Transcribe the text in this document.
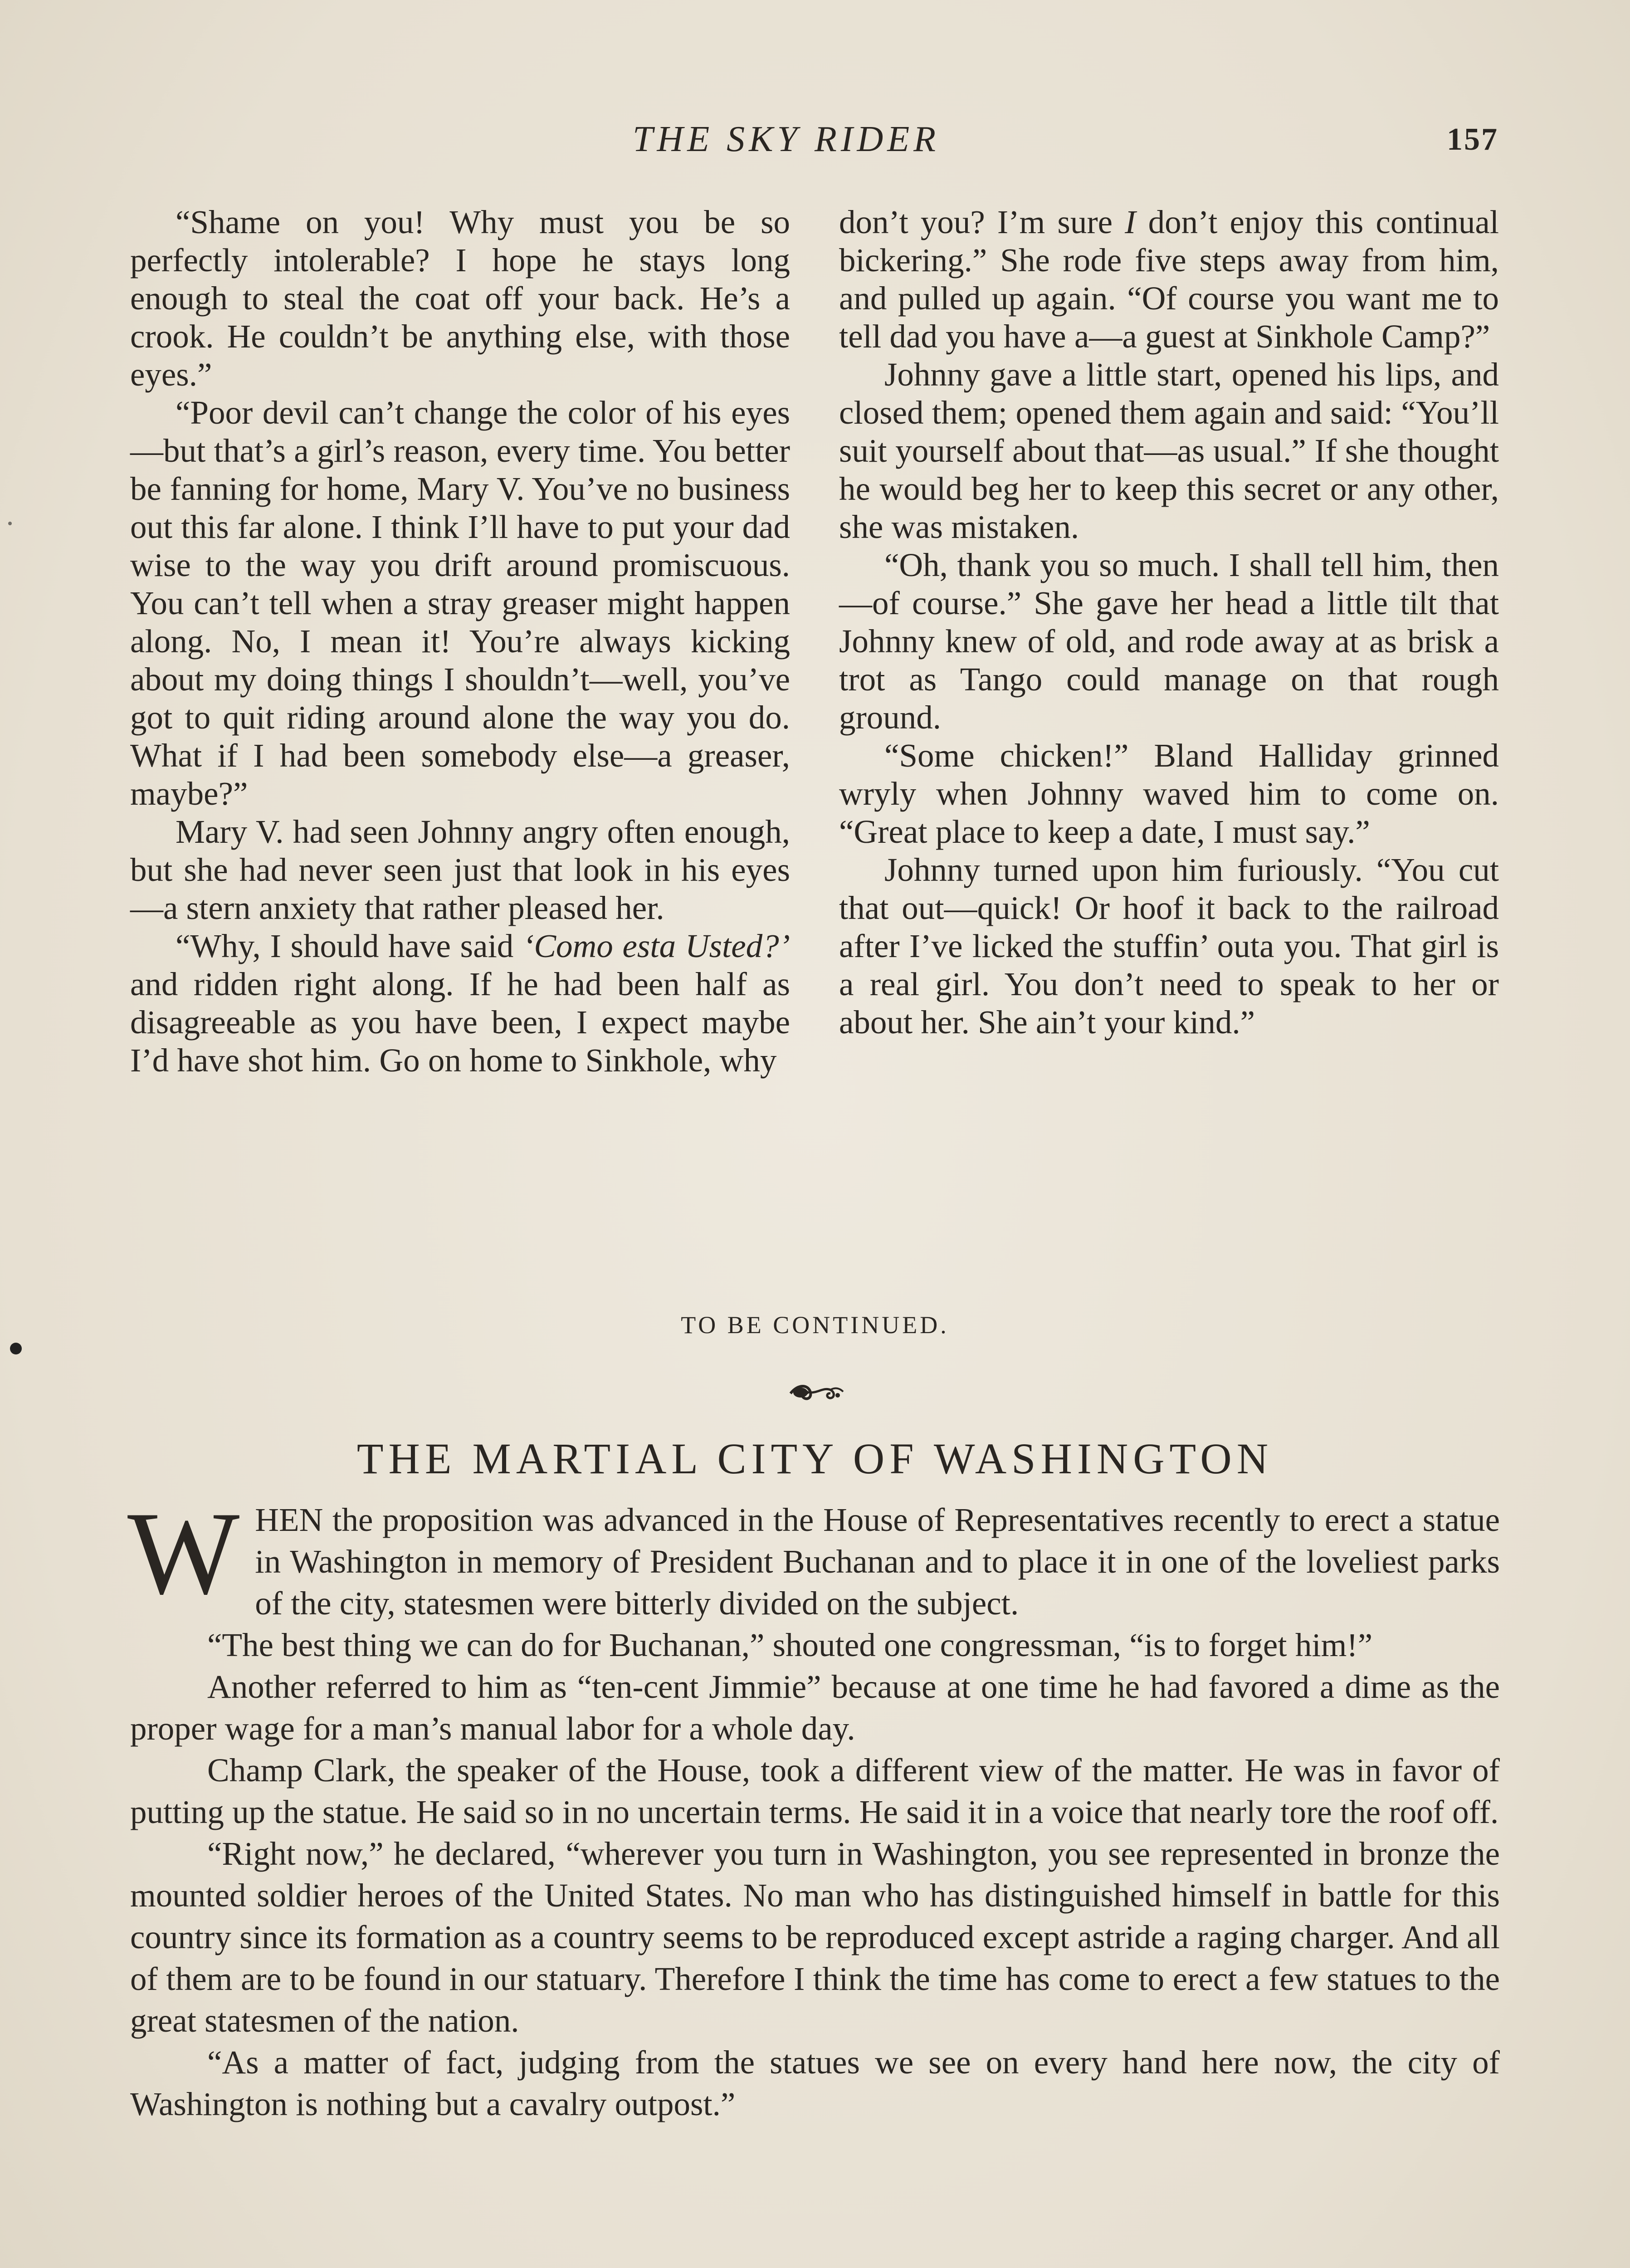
THE SKY RIDER	157

“Shame on you! Why must you be so perfectly intolerable? I hope he stays long enough to steal the coat off your back. He’s a crook. He couldn’t be anything else, with those eyes.”

“Poor devil can’t change the color of his eyes—but that’s a girl’s reason, every time. You better be fanning for home, Mary V. You’ve no business out this far alone. I think I’ll have to put your dad wise to the way you drift around promiscuous. You can’t tell when a stray greaser might happen along. No, I mean it! You’re always kicking about my doing things I shouldn’t—well, you’ve got to quit riding around alone the way you do. What if I had been somebody else—a greaser, maybe?”

Mary V. had seen Johnny angry often enough, but she had never seen just that look in his eyes—a stern anxiety that rather pleased her.

“Why, I should have said ‘Como esta Usted?’ and ridden right along. If he had been half as disagreeable as you have been, I expect maybe I’d have shot him. Go on home to Sinkhole, why

don’t you? I’m sure I don’t enjoy this continual bickering.” She rode five steps away from him, and pulled up again. “Of course you want me to tell dad you have a—a guest at Sinkhole Camp?”

Johnny gave a little start, opened his lips, and closed them; opened them again and said: “You’ll suit yourself about that—as usual.” If she thought he would beg her to keep this secret or any other, she was mistaken.

“Oh, thank you so much. I shall tell him, then—of course.” She gave her head a little tilt that Johnny knew of old, and rode away at as brisk a trot as Tango could manage on that rough ground.

“Some chicken!” Bland Halliday grinned wryly when Johnny waved him to come on. “Great place to keep a date, I must say.”

Johnny turned upon him furiously. “You cut that out—quick! Or hoof it back to the railroad after I’ve licked the stuffin’ outa you. That girl is a real girl. You don’t need to speak to her or about her. She ain’t your kind.”

TO BE CONTINUED.
THE MARTIAL CITY OF WASHINGTON

WHEN the proposition was advanced in the House of Representatives recently to erect a statue in Washington in memory of President Buchanan and to place it in one of the loveliest parks of the city, statesmen were bitterly divided on the subject.

“The best thing we can do for Buchanan,” shouted one congressman, “is to forget him!”

Another referred to him as “ten-cent Jimmie” because at one time he had favored a dime as the proper wage for a man’s manual labor for a whole day.

Champ Clark, the speaker of the House, took a different view of the matter. He was in favor of putting up the statue. He said so in no uncertain terms. He said it in a voice that nearly tore the roof off.

“Right now,” he declared, “wherever you turn in Washington, you see represented in bronze the mounted soldier heroes of the United States. No man who has distinguished himself in battle for this country since its formation as a country seems to be reproduced except astride a raging charger. And all of them are to be found in our statuary. Therefore I think the time has come to erect a few statues to the great statesmen of the nation.

“As a matter of fact, judging from the statues we see on every hand here now, the city of Washington is nothing but a cavalry outpost.”
